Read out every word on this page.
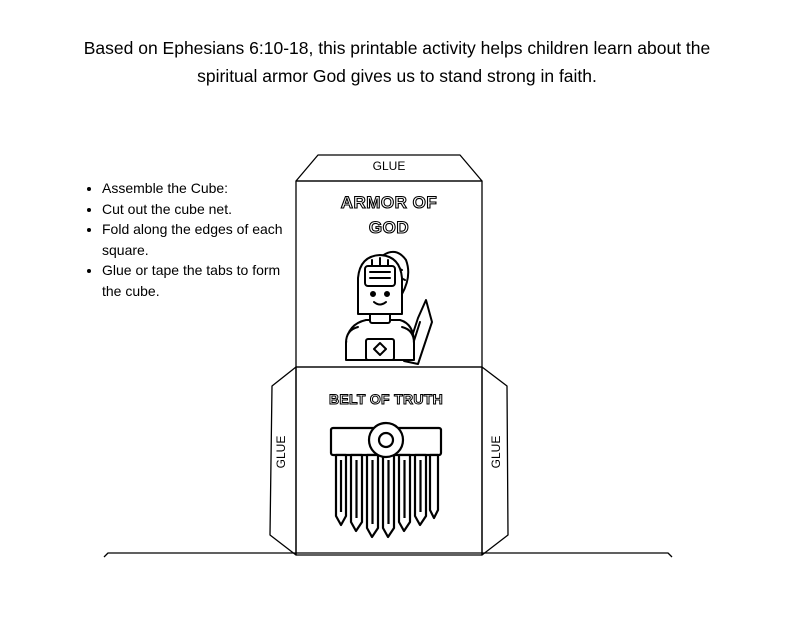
Based on Ephesians 6:10-18, this printable activity helps children learn about the
spiritual armor God gives us to stand strong in faith.

• Assemble the Cube:
• Cut out the cube net.
• Fold along the edges of each square.
• Glue or tape the tabs to form the cube.
GLUE
GLUE	GLUE
ARMOR OF
GOD
BELT OF TRUTH
